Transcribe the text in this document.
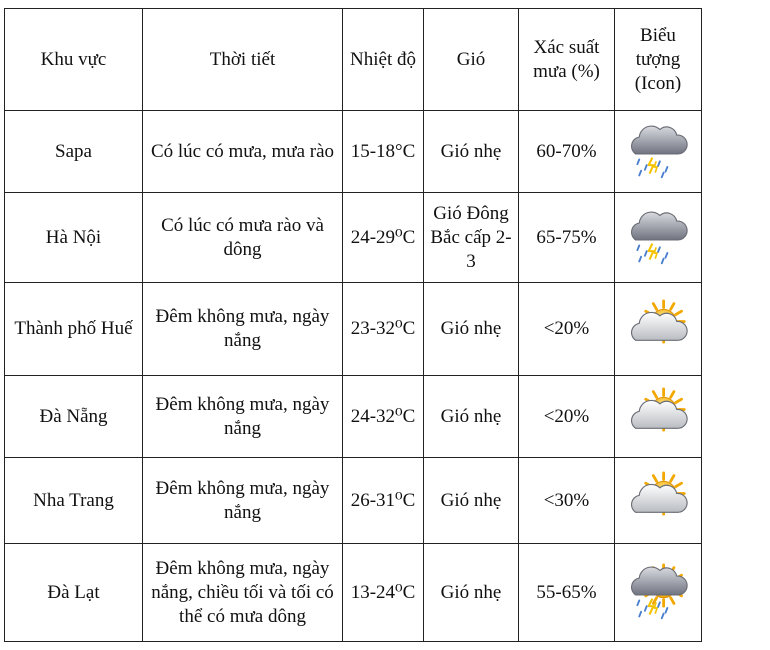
Khu vực	Thời tiết	Nhiệt độ	Gió	Xác suất mưa (%)	Biểu tượng (Icon)
Sapa	Có lúc có mưa, mưa rào	15-18°C	Gió nhẹ	60-70%	

Hà Nội	Có lúc có mưa rào và dông	24-29⁰C	Gió Đông Bắc cấp 2-3	65-75%	

Thành phố Huế	Đêm không mưa, ngày nắng	23-32⁰C	Gió nhẹ	<20%	

Đà Nẵng	Đêm không mưa, ngày nắng	24-32⁰C	Gió nhẹ	<20%	

Nha Trang	Đêm không mưa, ngày nắng	26-31⁰C	Gió nhẹ	<30%	

Đà Lạt	Đêm không mưa, ngày nắng, chiều tối và tối có thể có mưa dông	13-24⁰C	Gió nhẹ	55-65%	
